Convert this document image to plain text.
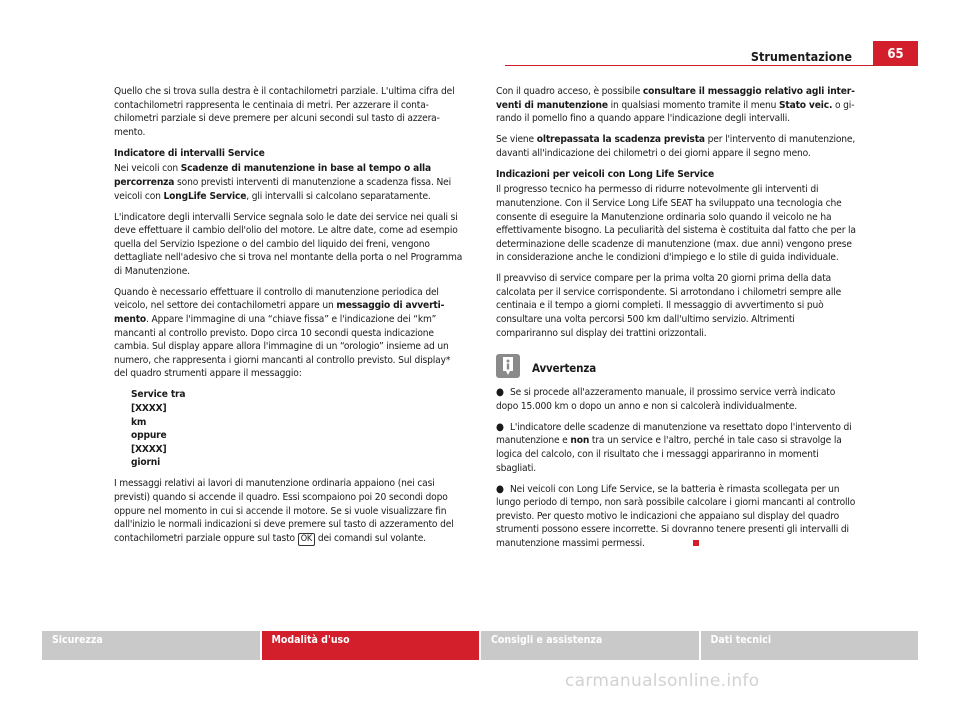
Strumentazione	65

Quello che si trova sulla destra è il contachilometri parziale. L'ultima cifra del contachilometri rappresenta le centinaia di metri. Per azzerare il contachilometri parziale si deve premere per alcuni secondi sul tasto di azzeramento.

Indicatore di intervalli Service

Nei veicoli con Scadenze di manutenzione in base al tempo o alla percorrenza sono previsti interventi di manutenzione a scadenza fissa. Nei veicoli con LongLife Service, gli intervalli si calcolano separatamente.

L'indicatore degli intervalli Service segnala solo le date dei service nei quali si deve effettuare il cambio dell'olio del motore. Le altre date, come ad esempio quella del Servizio Ispezione o del cambio del liquido dei freni, vengono dettagliate nell'adesivo che si trova nel montante della porta o nel Programma di Manutenzione.

Quando è necessario effettuare il controllo di manutenzione periodica del veicolo, nel settore dei contachilometri appare un messaggio di avvertimento. Appare l'immagine di una “chiave fissa” e l'indicazione dei “km” mancanti al controllo previsto. Dopo circa 10 secondi questa indicazione cambia. Sul display appare allora l'immagine di un “orologio” insieme ad un numero, che rappresenta i giorni mancanti al controllo previsto. Sul display* del quadro strumenti appare il messaggio:

Service tra
[XXXX]
km
oppure
[XXXX]
giorni

I messaggi relativi ai lavori di manutenzione ordinaria appaiono (nei casi previsti) quando si accende il quadro. Essi scompaiono poi 20 secondi dopo oppure nel momento in cui si accende il motore. Se si vuole visualizzare fin dall'inizio le normali indicazioni si deve premere sul tasto di azzeramento del contachilometri parziale oppure sul tasto OK dei comandi sul volante.

Con il quadro acceso, è possibile consultare il messaggio relativo agli interventi di manutenzione in qualsiasi momento tramite il menu Stato veic. o girando il pomello fino a quando appare l'indicazione degli intervalli.

Se viene oltrepassata la scadenza prevista per l'intervento di manutenzione, davanti all'indicazione dei chilometri o dei giorni appare il segno meno.

Indicazioni per veicoli con Long Life Service

Il progresso tecnico ha permesso di ridurre notevolmente gli interventi di manutenzione. Con il Service Long Life SEAT ha sviluppato una tecnologia che consente di eseguire la Manutenzione ordinaria solo quando il veicolo ne ha effettivamente bisogno. La peculiarità del sistema è costituita dal fatto che per la determinazione delle scadenze di manutenzione (max. due anni) vengono prese in considerazione anche le condizioni d'impiego e lo stile di guida individuale.

Il preavviso di service compare per la prima volta 20 giorni prima della data calcolata per il service corrispondente. Si arrotondano i chilometri sempre alle centinaia e il tempo a giorni completi. Il messaggio di avvertimento si può consultare una volta percorsi 500 km dall'ultimo servizio. Altrimenti compariranno sul display dei trattini orizzontali.

Avvertenza

● Se si procede all'azzeramento manuale, il prossimo service verrà indicato dopo 15.000 km o dopo un anno e non si calcolerà individualmente.

● L'indicatore delle scadenze di manutenzione va resettato dopo l'intervento di manutenzione e non tra un service e l'altro, perché in tale caso si stravolge la logica del calcolo, con il risultato che i messaggi appariranno in momenti sbagliati.

● Nei veicoli con Long Life Service, se la batteria è rimasta scollegata per un lungo periodo di tempo, non sarà possibile calcolare i giorni mancanti al controllo previsto. Per questo motivo le indicazioni che appaiano sul display del quadro strumenti possono essere incorrette. Si dovranno tenere presenti gli intervalli di manutenzione massimi permessi.

Sicurezza	Modalità d'uso	Consigli e assistenza	Dati tecnici
carmanualsonline.info
